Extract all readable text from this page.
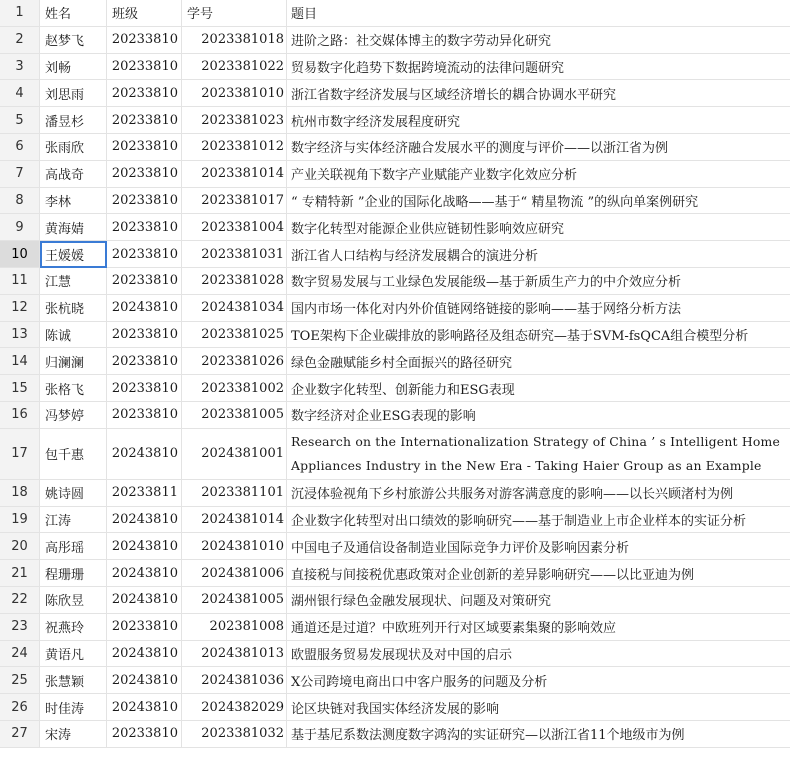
1	姓名	班级	学号	题目
2	赵梦飞	20233810	2023381018 进阶之路：社交媒体博主的数字劳动异化研究
3	刘畅	20233810	2023381022 贸易数字化趋势下数据跨境流动的法律问题研究
4	刘思雨	20233810	2023381010 浙江省数字经济发展与区域经济增长的耦合协调水平研究
5	潘昱杉	20233810	2023381023 杭州市数字经济发展程度研究
6	张雨欣	20233810	2023381012 数字经济与实体经济融合发展水平的测度与评价——以浙江省为例
7	高战奇	20233810	2023381014 产业关联视角下数字产业赋能产业数字化效应分析
8	李林	20233810	2023381017 “ 专精特新 ”企业的国际化战略——基于“ 精星物流 ”的纵向单案例研究
9	黄海婧	20233810	2023381004 数字化转型对能源企业供应链韧性影响效应研究
10	王媛媛	20233810	2023381031 浙江省人口结构与经济发展耦合的演进分析
11	江慧	20233810	2023381028 数字贸易发展与工业绿色发展能级—基于新质生产力的中介效应分析
12	张杭晓	20243810	2024381034 国内市场一体化对内外价值链网络链接的影响——基于网络分析方法
13	陈诚	20233810	2023381025 TOE架构下企业碳排放的影响路径及组态研究—基于SVM-fsQCA组合模型分析
14	归澜澜	20233810	2023381026 绿色金融赋能乡村全面振兴的路径研究
15	张格飞	20233810	2023381002 企业数字化转型、创新能力和ESG表现
16	冯梦婷	20233810	2023381005 数字经济对企业ESG表现的影响
17	包千惠	20243810	2024381001
Research on the Internationalization Strategy of China ’ s Intelligent Home Appliances Industry in the New Era - Taking Haier Group as an Example
18	姚诗圆	20233811	2023381101 沉浸体验视角下乡村旅游公共服务对游客满意度的影响——以长兴顾渚村为例
19	江涛	20243810	2024381014 企业数字化转型对出口绩效的影响研究——基于制造业上市企业样本的实证分析
20	高彤瑶	20243810	2024381010 中国电子及通信设备制造业国际竞争力评价及影响因素分析
21	程珊珊	20243810	2024381006 直接税与间接税优惠政策对企业创新的差异影响研究——以比亚迪为例
22	陈欣昱	20243810	2024381005 湖州银行绿色金融发展现状、问题及对策研究
23	祝燕玲	20233810	202381008 通道还是过道？中欧班列开行对区域要素集聚的影响效应
24	黄语凡	20243810	2024381013 欧盟服务贸易发展现状及对中国的启示
25	张慧颖	20243810	2024381036 X公司跨境电商出口中客户服务的问题及分析
26	时佳涛	20243810	2024382029 论区块链对我国实体经济发展的影响
27	宋涛	20233810	2023381032 基于基尼系数法测度数字鸿沟的实证研究—以浙江省11个地级市为例
